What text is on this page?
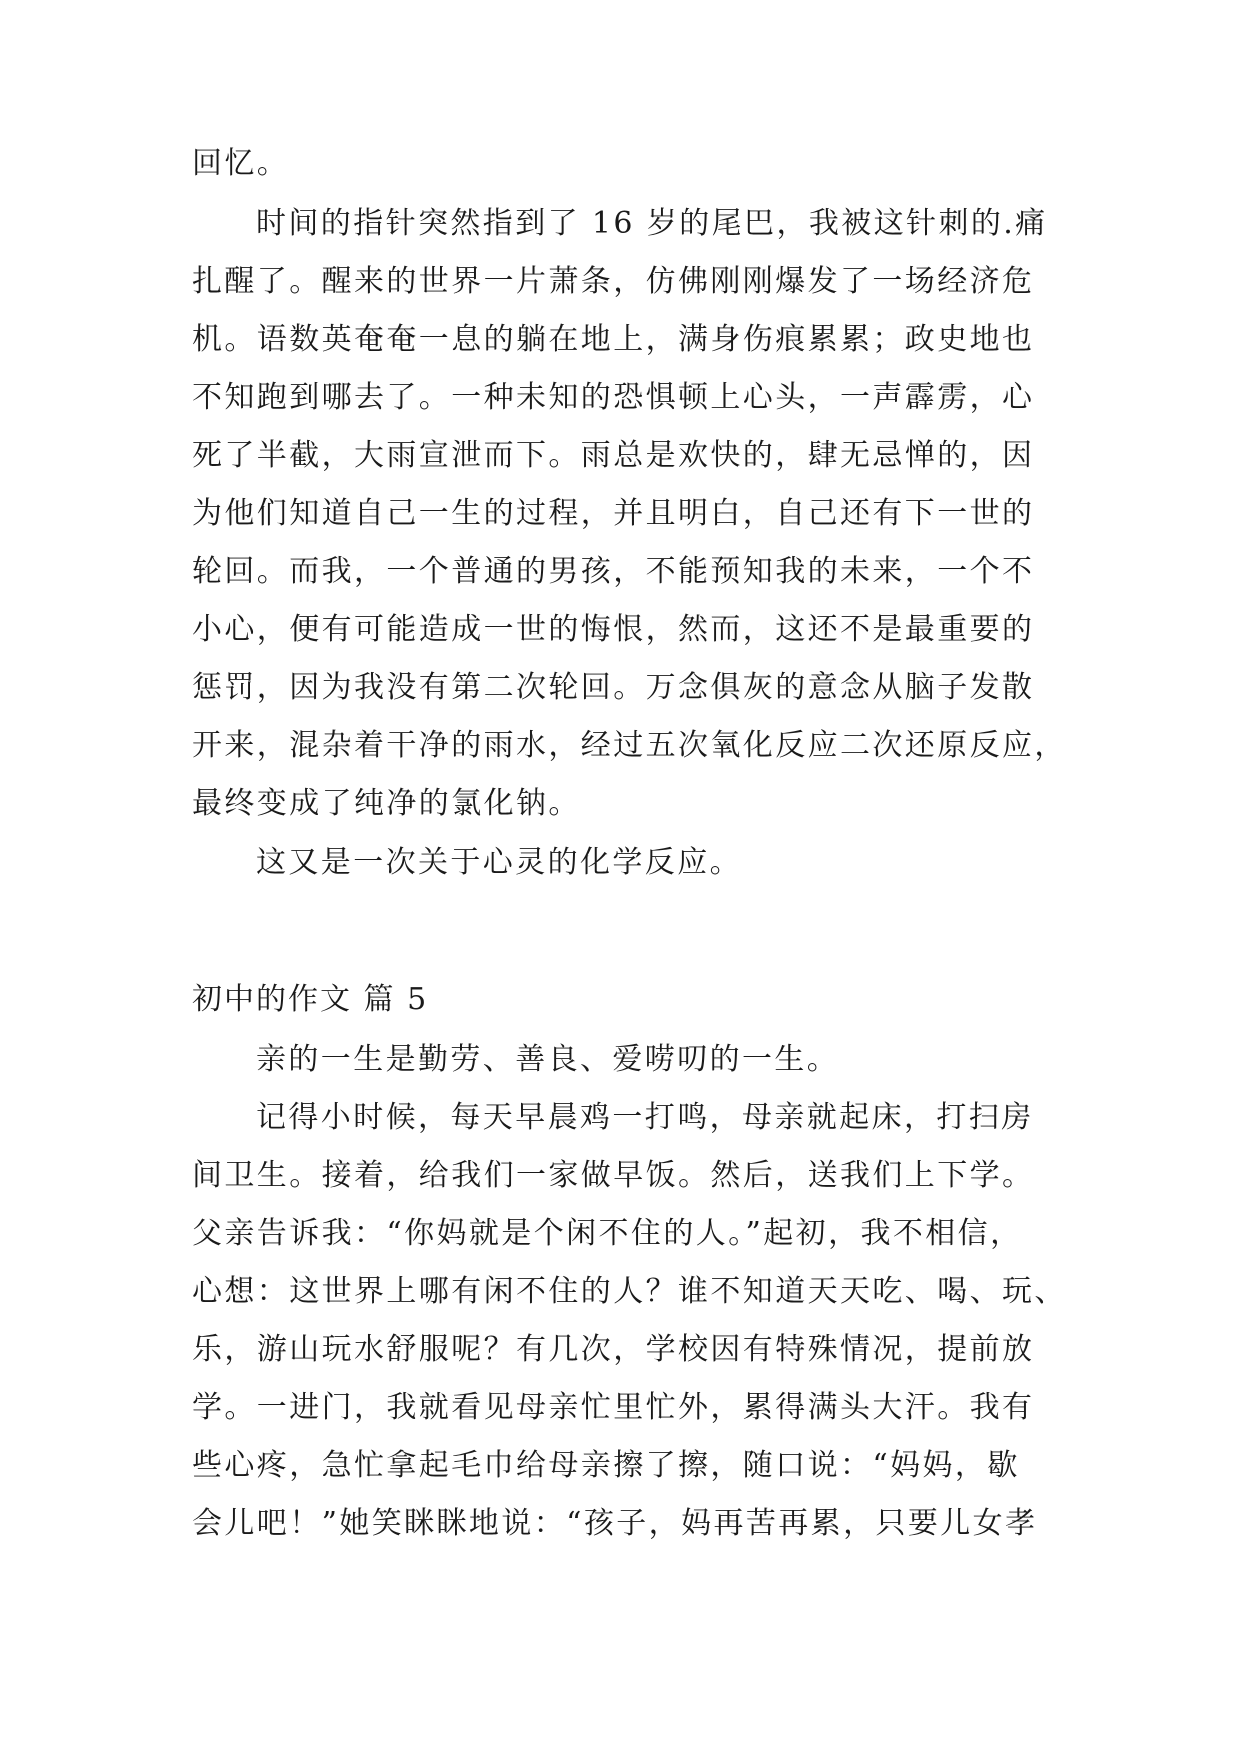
回忆。
时间的指针突然指到了 16 岁的尾巴，我被这针刺的.痛
扎醒了。醒来的世界一片萧条，仿佛刚刚爆发了一场经济危
机。语数英奄奄一息的躺在地上，满身伤痕累累；政史地也
不知跑到哪去了。一种未知的恐惧顿上心头，一声霹雳，心
死了半截，大雨宣泄而下。雨总是欢快的，肆无忌惮的，因
为他们知道自己一生的过程，并且明白，自己还有下一世的
轮回。而我，一个普通的男孩，不能预知我的未来，一个不
小心，便有可能造成一世的悔恨，然而，这还不是最重要的
惩罚，因为我没有第二次轮回。万念俱灰的意念从脑子发散
开来，混杂着干净的雨水，经过五次氧化反应二次还原反应，
最终变成了纯净的氯化钠。
这又是一次关于心灵的化学反应。
初中的作文 篇 5
亲的一生是勤劳、善良、爱唠叨的一生。
记得小时候，每天早晨鸡一打鸣，母亲就起床，打扫房
间卫生。接着，给我们一家做早饭。然后，送我们上下学。
父亲告诉我：“你妈就是个闲不住的人。”起初，我不相信，
心想：这世界上哪有闲不住的人？谁不知道天天吃、喝、玩、
乐，游山玩水舒服呢？有几次，学校因有特殊情况，提前放
学。一进门，我就看见母亲忙里忙外，累得满头大汗。我有
些心疼，急忙拿起毛巾给母亲擦了擦，随口说：“妈妈，歇
会儿吧！”她笑眯眯地说：“孩子，妈再苦再累，只要儿女孝
